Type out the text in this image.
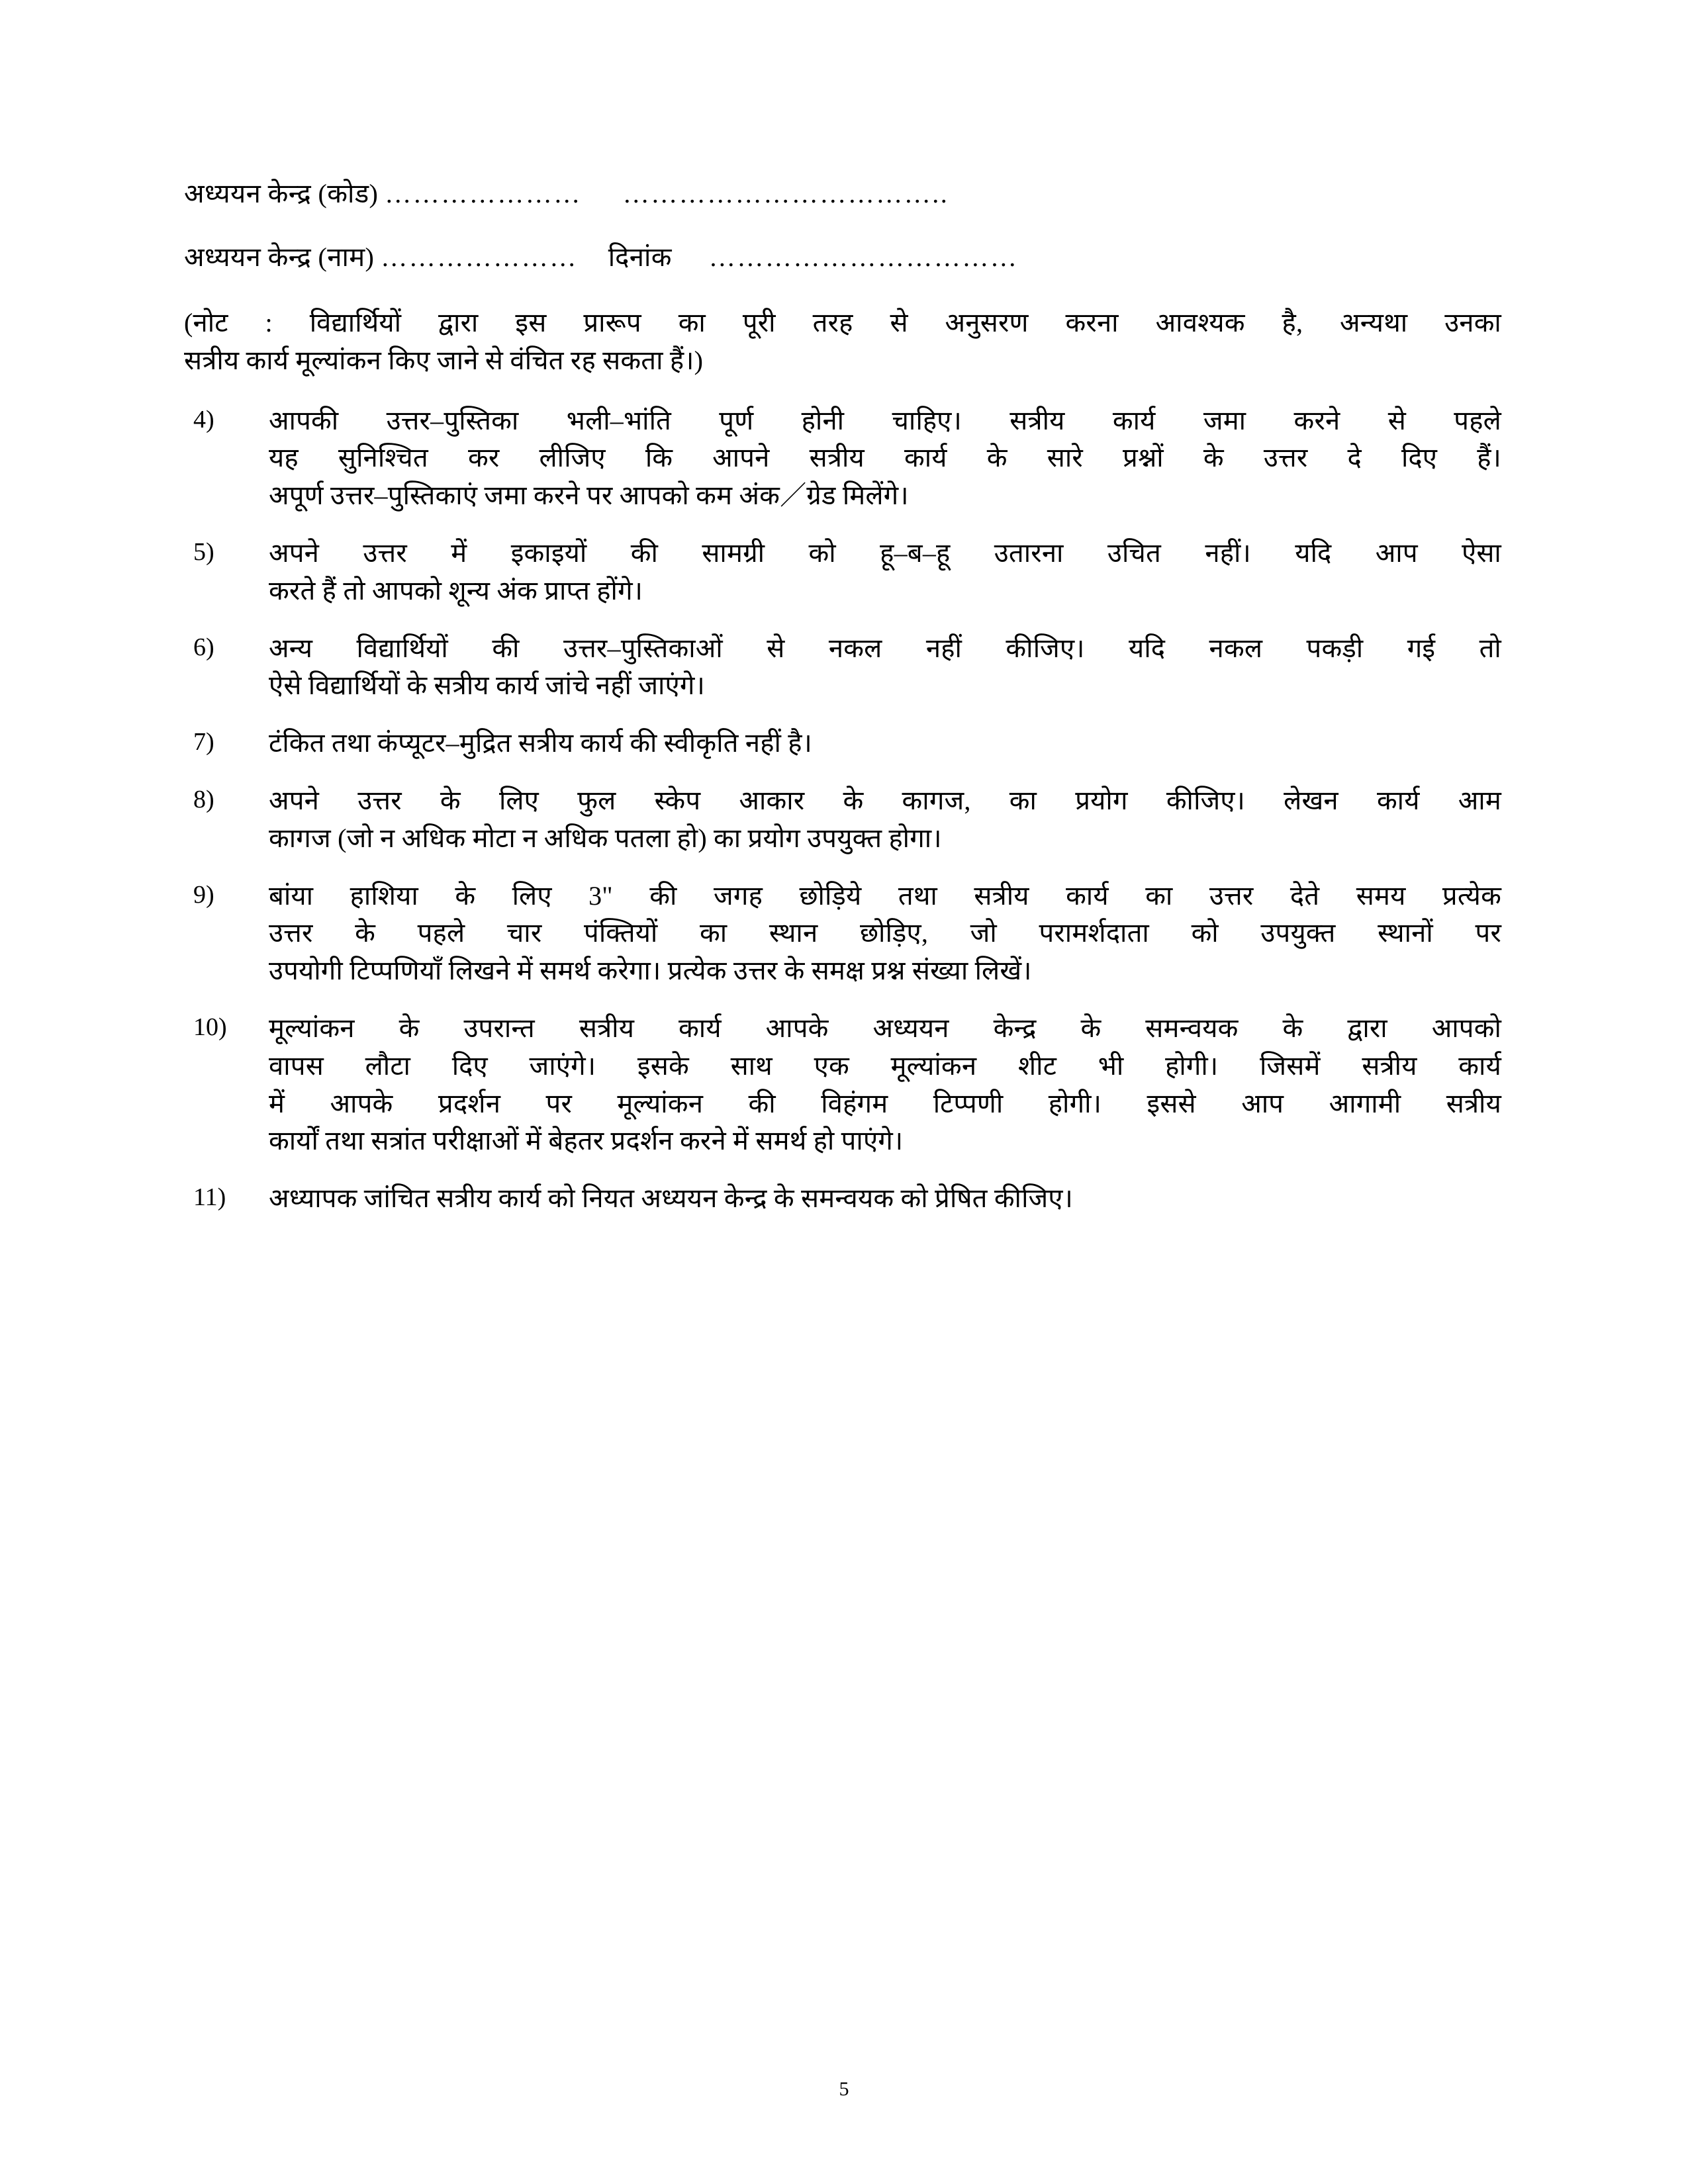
अध्ययन केन्द्र (कोड) ………………… ……………………………..
अध्ययन केन्द्र (नाम) ………………… दिनांक ……………………………
(नोट : विद्यार्थियों द्वारा इस प्रारूप का पूरी तरह से अनुसरण करना आवश्यक है, अन्यथा उनका
सत्रीय कार्य मूल्यांकन किए जाने से वंचित रह सकता हैं।)
4)	आपकी उत्तर–पुस्तिका भली–भांति पूर्ण होनी चाहिए। सत्रीय कार्य जमा करने से पहले
यह सुनिश्चित कर लीजिए कि आपने सत्रीय कार्य के सारे प्रश्नों के उत्तर दे दिए हैं।
अपूर्ण उत्तर–पुस्तिकाएं जमा करने पर आपको कम अंक／ग्रेड मिलेंगे।
5)	अपने उत्तर में इकाइयों की सामग्री को हू–ब–हू उतारना उचित नहीं। यदि आप ऐसा
करते हैं तो आपको शून्य अंक प्राप्त होंगे।
6)	अन्य विद्यार्थियों की उत्तर–पुस्तिकाओं से नकल नहीं कीजिए। यदि नकल पकड़ी गई तो
ऐसे विद्यार्थियों के सत्रीय कार्य जांचे नहीं जाएंगे।
7)	टंकित तथा कंप्यूटर–मुद्रित सत्रीय कार्य की स्वीकृति नहीं है।
8)	अपने उत्तर के लिए फुल स्केप आकार के कागज, का प्रयोग कीजिए। लेखन कार्य आम
कागज (जो न अधिक मोटा न अधिक पतला हो) का प्रयोग उपयुक्त होगा।
9)	बांया हाशिया के लिए 3" की जगह छोड़िये तथा सत्रीय कार्य का उत्तर देते समय प्रत्येक
उत्तर के पहले चार पंक्तियों का स्थान छोड़िए, जो परामर्शदाता को उपयुक्त स्थानों पर
उपयोगी टिप्पणियाँ लिखने में समर्थ करेगा। प्रत्येक उत्तर के समक्ष प्रश्न संख्या लिखें।
10)	मूल्यांकन के उपरान्त सत्रीय कार्य आपके अध्ययन केन्द्र के समन्वयक के द्वारा आपको
वापस लौटा दिए जाएंगे। इसके साथ एक मूल्यांकन शीट भी होगी। जिसमें सत्रीय कार्य
में आपके प्रदर्शन पर मूल्यांकन की विहंगम टिप्पणी होगी। इससे आप आगामी सत्रीय
कार्यों तथा सत्रांत परीक्षाओं में बेहतर प्रदर्शन करने में समर्थ हो पाएंगे।
11)	अध्यापक जांचित सत्रीय कार्य को नियत अध्ययन केन्द्र के समन्वयक को प्रेषित कीजिए।
5
